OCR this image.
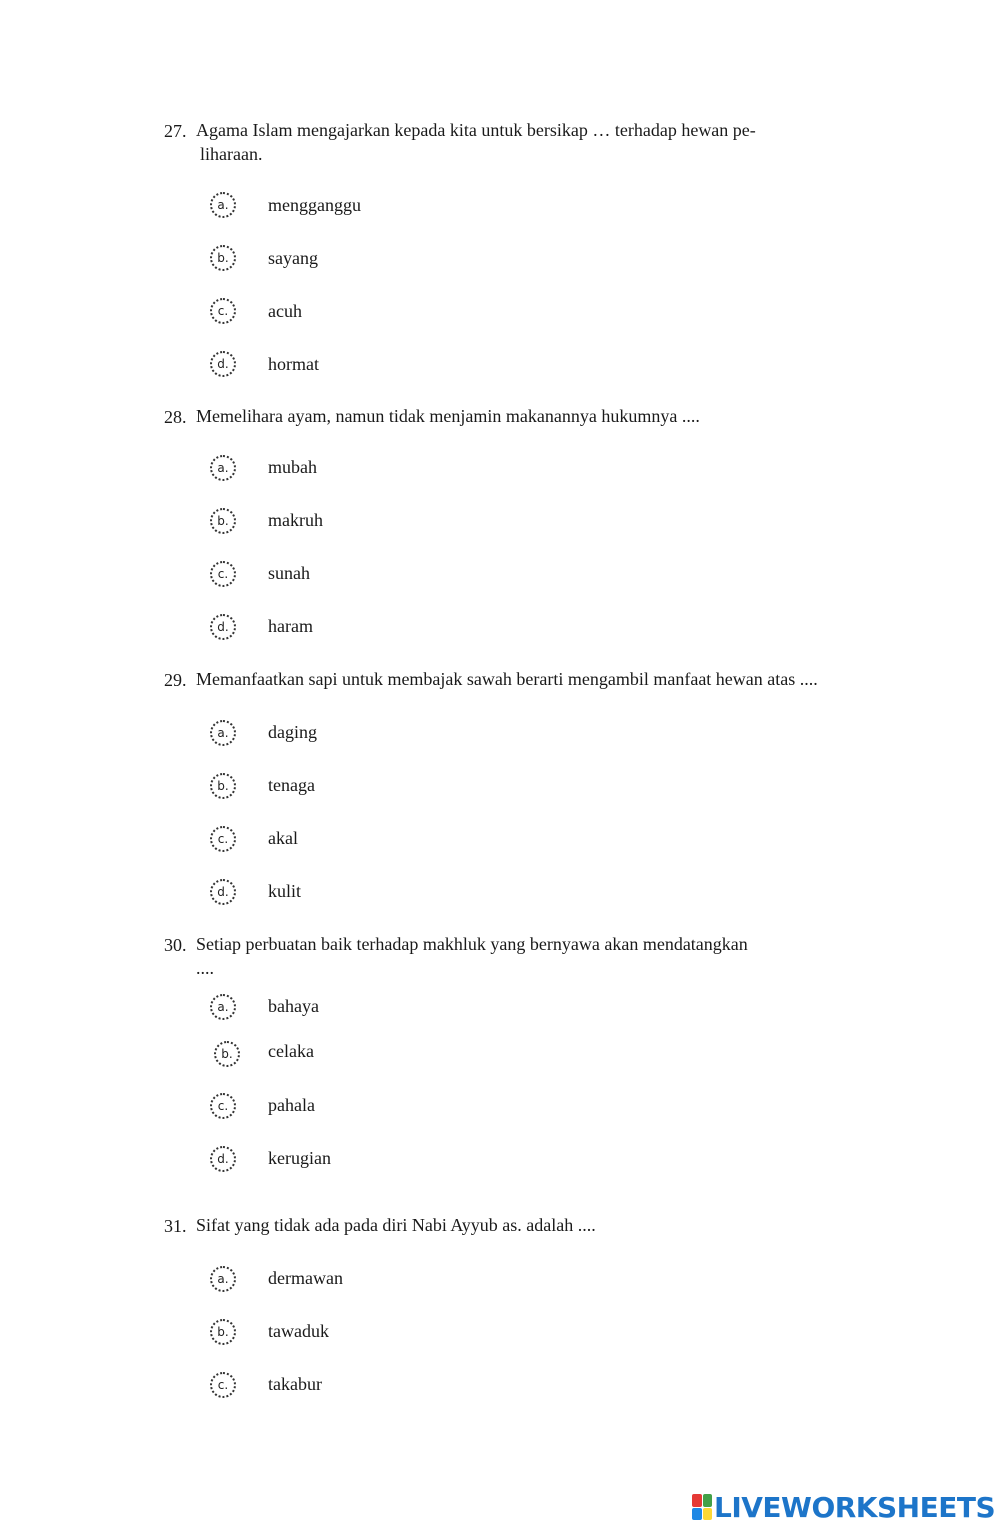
27. Agama Islam mengajarkan kepada kita untuk bersikap … terhadap hewan pe-
liharaan.
a.	mengganggu
b.	sayang
c.	acuh
d.	hormat
28. Memelihara ayam, namun tidak menjamin makanannya hukumnya ....
a.	mubah
b.	makruh
c.	sunah
d.	haram
29. Memanfaatkan sapi untuk membajak sawah berarti mengambil manfaat hewan atas ....
a.	daging
b.	tenaga
c.	akal
d.	kulit
30. Setiap perbuatan baik terhadap makhluk yang bernyawa akan mendatangkan
....
a.	bahaya
b.	celaka
c.	pahala
d.	kerugian
31. Sifat yang tidak ada pada diri Nabi Ayyub as. adalah ....
a.	dermawan
b.	tawaduk
c.	takabur
LIVEWORKSHEETS
